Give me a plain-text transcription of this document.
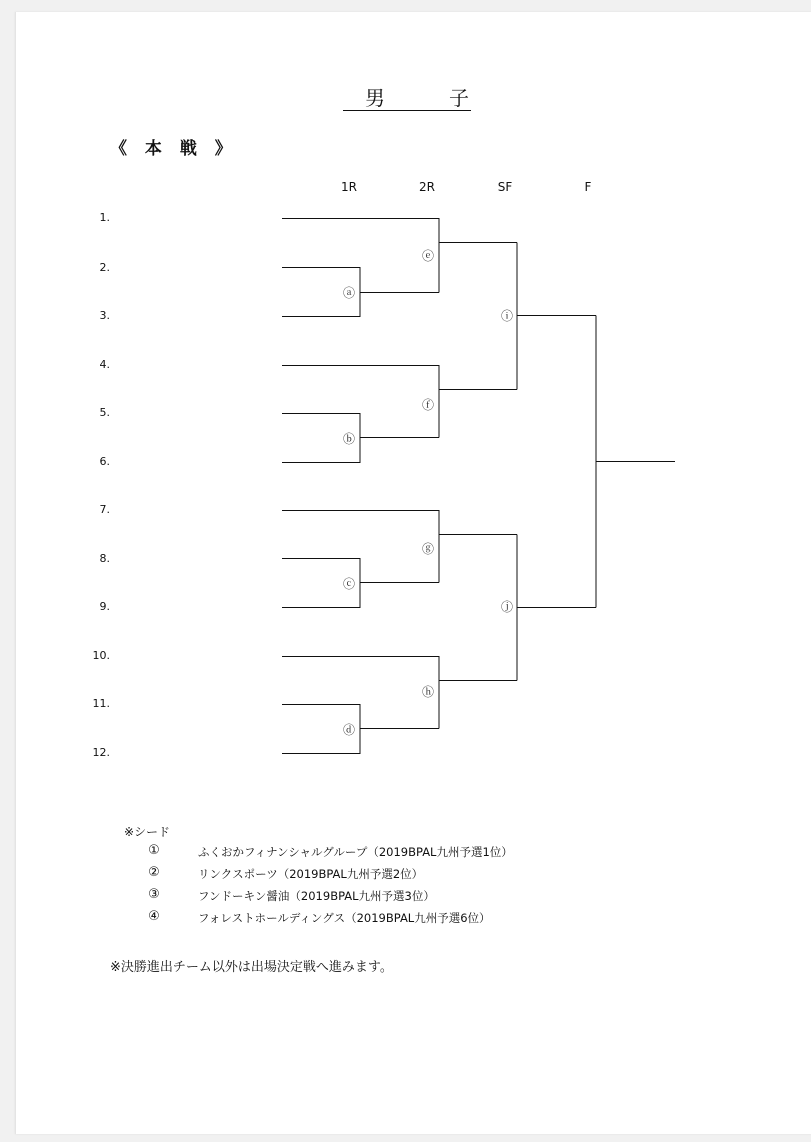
男　子
《 本 戦 》
1R	2R	SF	F
1.
2.
3.
4.
5.
6.
7.
8.
9.
10.
11.
12.
ⓐ
ⓑ
ⓒ
ⓓ
ⓔ
ⓕ
ⓖ
ⓗ
ⓘ
ⓙ
※シード
①	ふくおかフィナンシャルグループ（2019BPAL九州予選1位）
②	リンクスポーツ（2019BPAL九州予選2位）
③	フンドーキン醤油（2019BPAL九州予選3位）
④	フォレストホールディングス（2019BPAL九州予選6位）
※決勝進出チーム以外は出場決定戦へ進みます。
